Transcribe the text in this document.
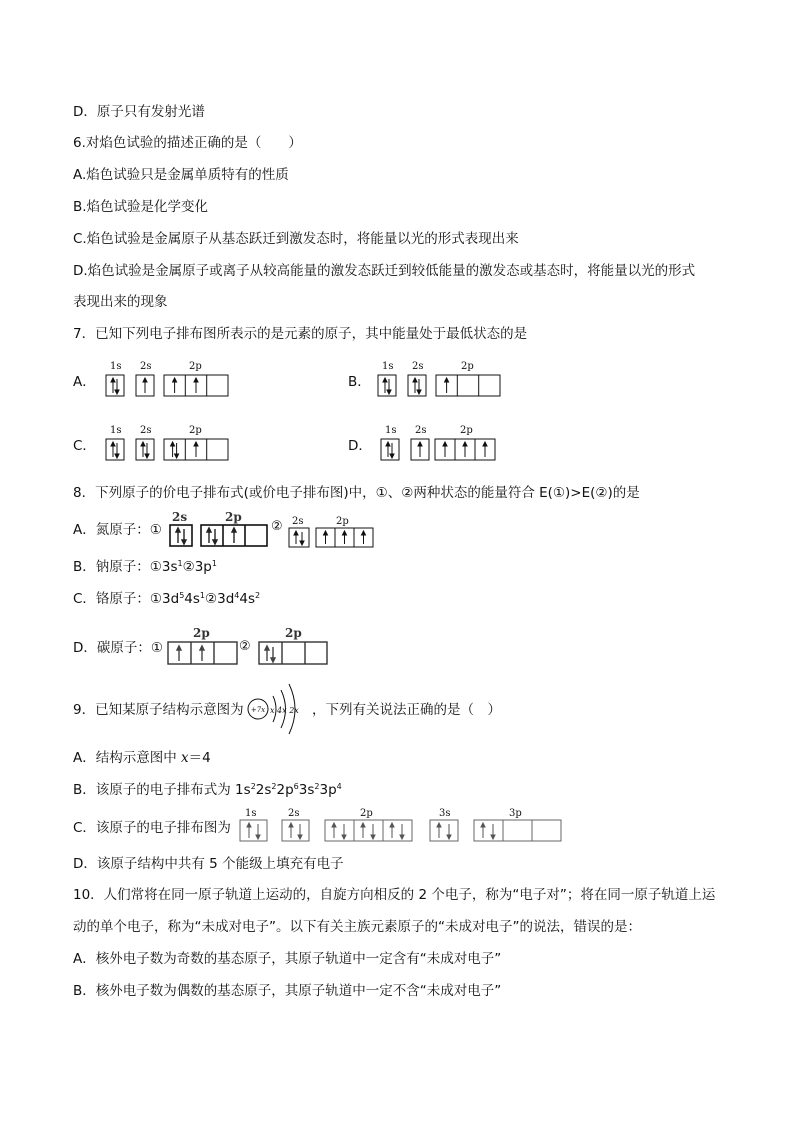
D．原子只有发射光谱
6.对焰色试验的描述正确的是（　　）
A.焰色试验只是金属单质特有的性质
B.焰色试验是化学变化
C.焰色试验是金属原子从基态跃迁到激发态时，将能量以光的形式表现出来
D.焰色试验是金属原子或离子从较高能量的激发态跃迁到较低能量的激发态或基态时，将能量以光的形式
表现出来的现象
7．已知下列电子排布图所表示的是元素的原子，其中能量处于最低状态的是
A．
1s 2s	2p
B．
1s 2s	2p
C．
1s 2s	2p
D．
1s 2s	2p
8．下列原子的价电子排布式(或价电子排布图)中，①、②两种状态的能量符合 E(①)>E(②)的是
A．氮原子：①
2s	2p
② 2s	2p
B．钠原子：$①3s^1②3p^1$
C．铬原子：$①3d^54s^1②3d^44s^2$
D．碳原子：①
2p
②
2p
9．已知某原子结构示意图为 +7x x 4x 2x ，下列有关说法正确的是（　）
A．结构示意图中 x＝4
B．该原子的电子排布式为 $1s^22s^22p^63s^23p^4$
C．该原子的电子排布图为
1s	2s	2p	3s	3p
D．该原子结构中共有 5 个能级上填充有电子
10．人们常将在同一原子轨道上运动的，自旋方向相反的 2 个电子，称为“电子对”；将在同一原子轨道上运
动的单个电子，称为“未成对电子”。以下有关主族元素原子的“未成对电子”的说法，错误的是：
A．核外电子数为奇数的基态原子，其原子轨道中一定含有“未成对电子”
B．核外电子数为偶数的基态原子，其原子轨道中一定不含“未成对电子”
